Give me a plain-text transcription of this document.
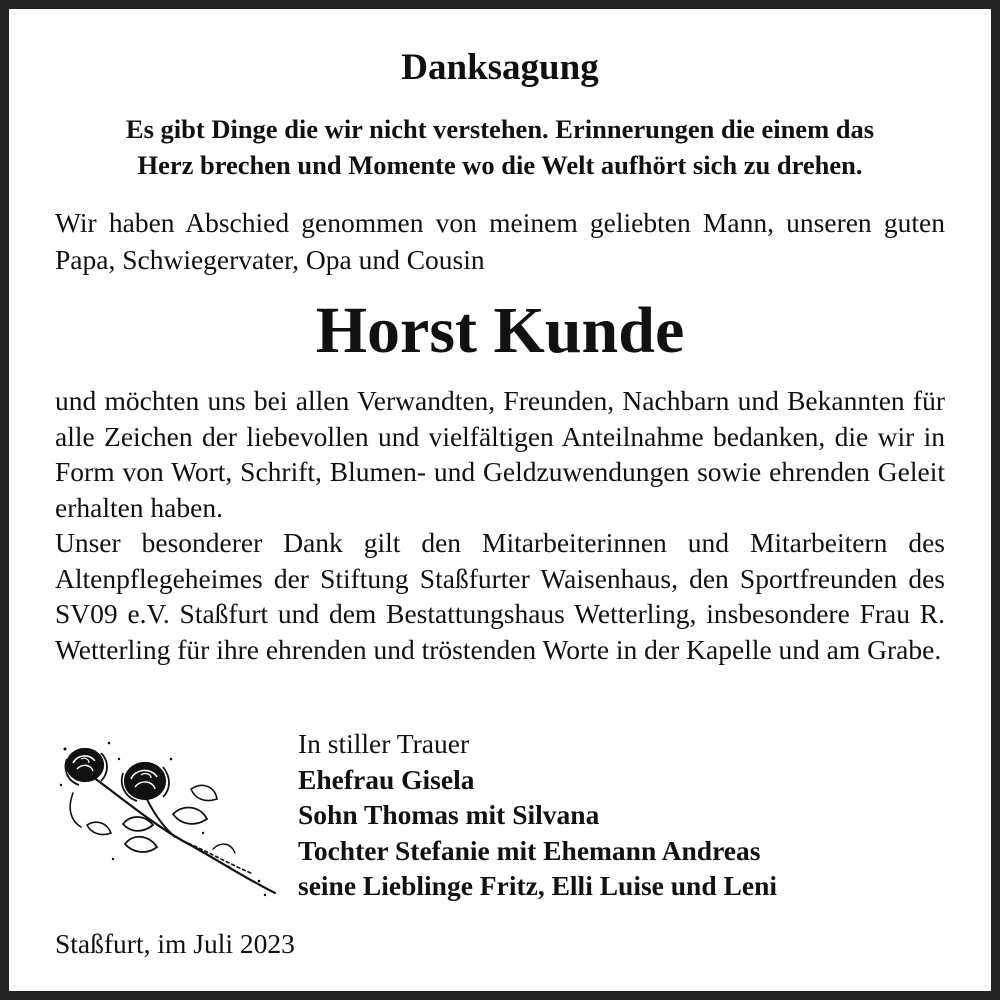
Danksagung
Es gibt Dinge die wir nicht verstehen. Erinnerungen die einem das
Herz brechen und Momente wo die Welt aufhört sich zu drehen.
Wir haben Abschied genommen von meinem geliebten Mann, unseren guten Papa, Schwiegervater, Opa und Cousin
Horst Kunde

und möchten uns bei allen Verwandten, Freunden, Nachbarn und Bekannten für alle Zeichen der liebevollen und vielfältigen Anteilnahme bedanken, die wir in Form von Wort, Schrift, Blumen- und Geldzuwendungen sowie ehrenden Geleit erhalten haben.

Unser besonderer Dank gilt den Mitarbeiterinnen und Mitarbeitern des Altenpflegeheimes der Stiftung Staßfurter Waisenhaus, den Sportfreunden des SV09 e.V. Staßfurt und dem Bestattungshaus Wetterling, insbesondere Frau R. Wetterling für ihre ehrenden und tröstenden Worte in der Kapelle und am Grabe.

In stiller Trauer
Ehefrau Gisela
Sohn Thomas mit Silvana
Tochter Stefanie mit Ehemann Andreas
seine Lieblinge Fritz, Elli Luise und Leni
Staßfurt, im Juli 2023
